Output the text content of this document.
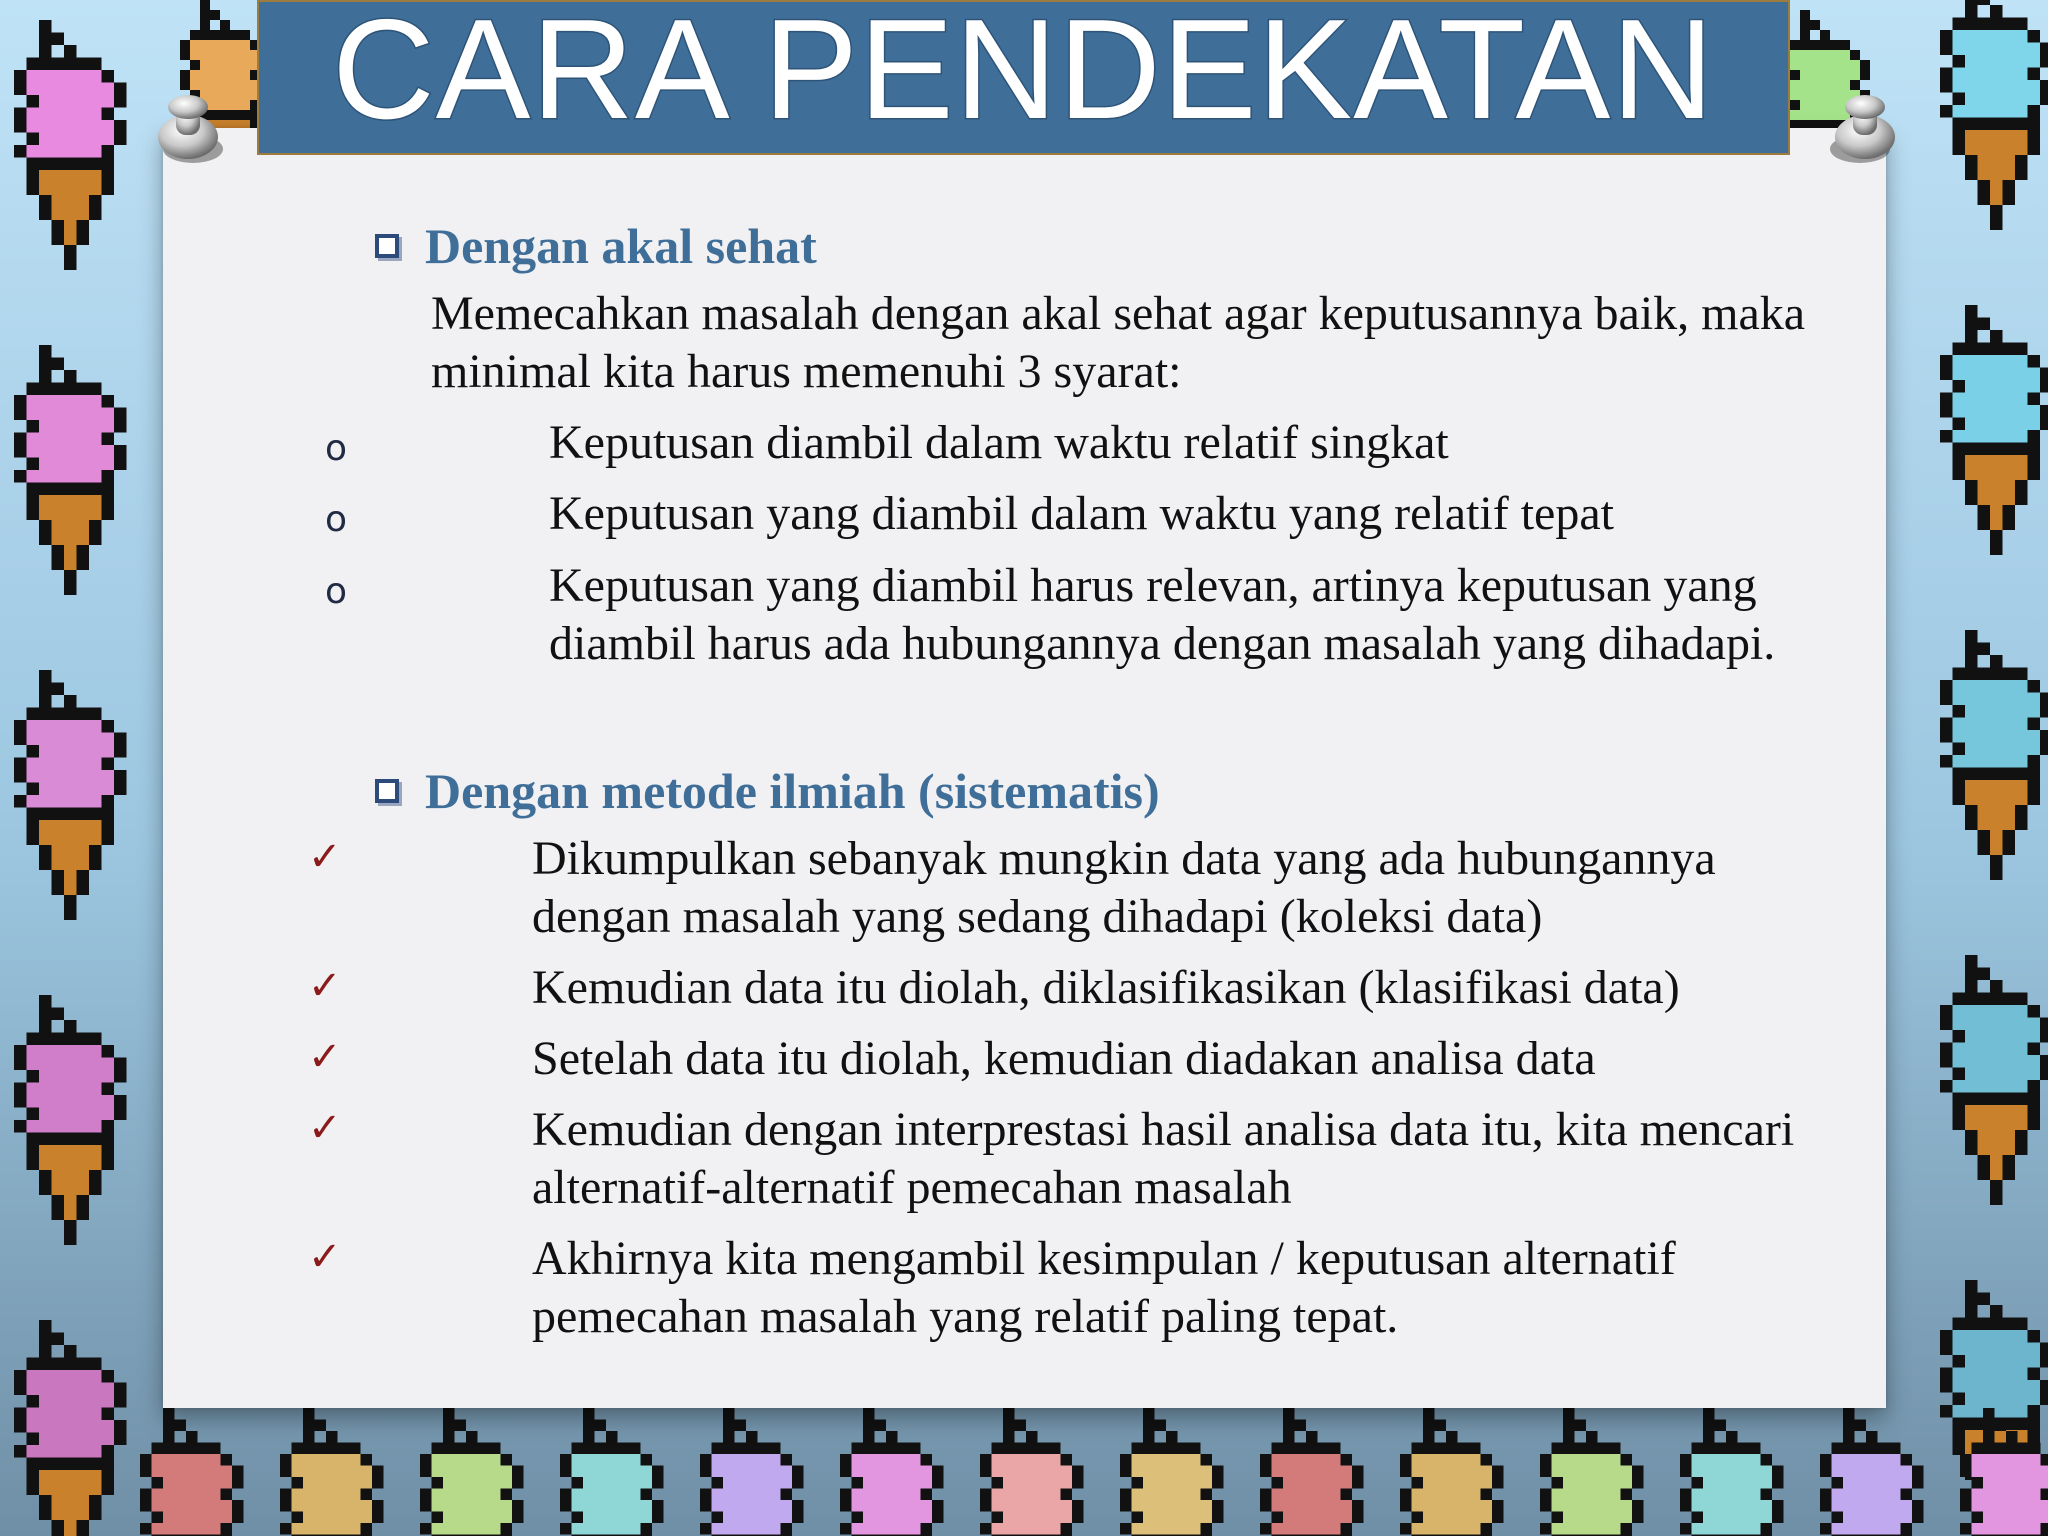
Dengan akal sehat
Memecahkan masalah dengan akal sehat agar keputusannya baik, maka
minimal kita harus memenuhi 3 syarat:
o	Keputusan diambil dalam waktu relatif singkat
o	Keputusan yang diambil dalam waktu yang relatif tepat
o	Keputusan yang diambil harus relevan, artinya keputusan yang
diambil harus ada hubungannya dengan masalah yang dihadapi.
Dengan metode ilmiah (sistematis)
✓	Dikumpulkan sebanyak mungkin data yang ada hubungannya
dengan masalah yang sedang dihadapi (koleksi data)
✓	Kemudian data itu diolah, diklasifikasikan (klasifikasi data)
✓	Setelah data itu diolah, kemudian diadakan analisa data
✓	Kemudian dengan interprestasi hasil analisa data itu, kita mencari
alternatif-alternatif pemecahan masalah
✓	Akhirnya kita mengambil kesimpulan / keputusan alternatif
pemecahan masalah yang relatif paling tepat.
CARA PENDEKATAN
